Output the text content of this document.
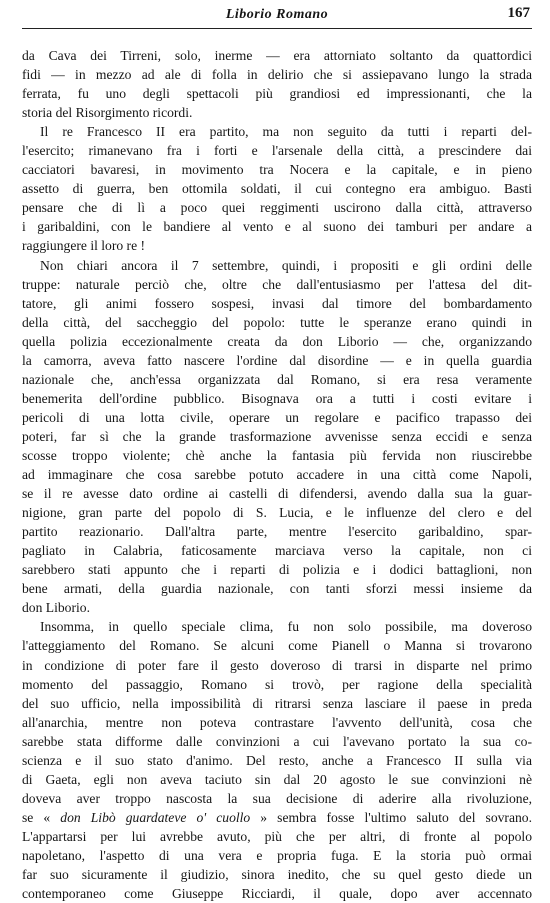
Liborio Romano	167
da Cava dei Tirreni, solo, inerme — era attorniato soltanto da quattordici
fidi — in mezzo ad ale di folla in delirio che si assiepavano lungo la strada
ferrata, fu uno degli spettacoli più grandiosi ed impressionanti, che la
storia del Risorgimento ricordi.
Il re Francesco II era partito, ma non seguito da tutti i reparti del-
l'esercito; rimanevano fra i forti e l'arsenale della città, a prescindere dai
cacciatori bavaresi, in movimento tra Nocera e la capitale, e in pieno
assetto di guerra, ben ottomila soldati, il cui contegno era ambiguo. Basti
pensare che di lì a poco quei reggimenti uscirono dalla città, attraverso
i garibaldini, con le bandiere al vento e al suono dei tamburi per andare a
raggiungere il loro re !
Non chiari ancora il 7 settembre, quindi, i propositi e gli ordini delle
truppe: naturale perciò che, oltre che dall'entusiasmo per l'attesa del dit-
tatore, gli animi fossero sospesi, invasi dal timore del bombardamento
della città, del saccheggio del popolo: tutte le speranze erano quindi in
quella polizia eccezionalmente creata da don Liborio — che, organizzando
la camorra, aveva fatto nascere l'ordine dal disordine — e in quella guardia
nazionale che, anch'essa organizzata dal Romano, si era resa veramente
benemerita dell'ordine pubblico. Bisognava ora a tutti i costi evitare i
pericoli di una lotta civile, operare un regolare e pacifico trapasso dei
poteri, far sì che la grande trasformazione avvenisse senza eccidi e senza
scosse troppo violente; chè anche la fantasia più fervida non riuscirebbe
ad immaginare che cosa sarebbe potuto accadere in una città come Napoli,
se il re avesse dato ordine ai castelli di difendersi, avendo dalla sua la guar-
nigione, gran parte del popolo di S. Lucia, e le influenze del clero e del
partito reazionario. Dall'altra parte, mentre l'esercito garibaldino, spar-
pagliato in Calabria, faticosamente marciava verso la capitale, non ci
sarebbero stati appunto che i reparti di polizia e i dodici battaglioni, non
bene armati, della guardia nazionale, con tanti sforzi messi insieme da
don Liborio.
Insomma, in quello speciale clima, fu non solo possibile, ma doveroso
l'atteggiamento del Romano. Se alcuni come Pianell o Manna si trovarono
in condizione di poter fare il gesto doveroso di trarsi in disparte nel primo
momento del passaggio, Romano si trovò, per ragione della specialità
del suo ufficio, nella impossibilità di ritrarsi senza lasciare il paese in preda
all'anarchia, mentre non poteva contrastare l'avvento dell'unità, cosa che
sarebbe stata difforme dalle convinzioni a cui l'avevano portato la sua co-
scienza e il suo stato d'animo. Del resto, anche a Francesco II sulla via
di Gaeta, egli non aveva taciuto sin dal 20 agosto le sue convinzioni nè
doveva aver troppo nascosta la sua decisione di aderire alla rivoluzione,
se « don Libò guardateve o' cuollo » sembra fosse l'ultimo saluto del sovrano.
L'appartarsi per lui avrebbe avuto, più che per altri, di fronte al popolo
napoletano, l'aspetto di una vera e propria fuga. E la storia può ormai
far suo sicuramente il giudizio, sinora inedito, che su quel gesto diede un
contemporaneo come Giuseppe Ricciardi, il quale, dopo aver accennato
